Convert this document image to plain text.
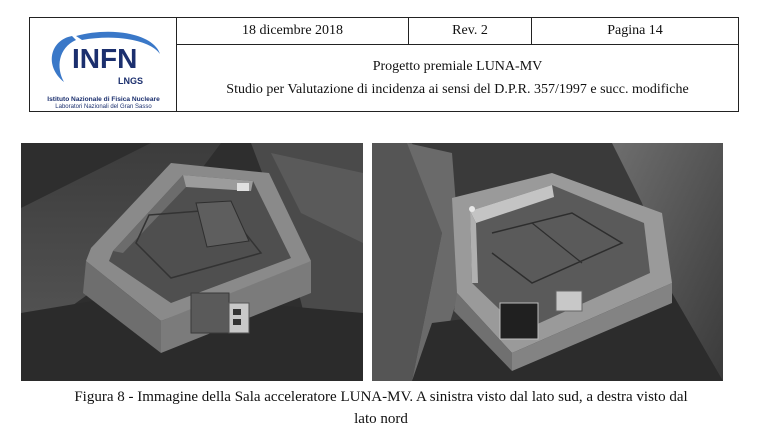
INFN
LNGS
Istituto Nazionale di Fisica Nucleare
Laboratori Nazionali del Gran Sasso
18 dicembre 2018	Rev. 2	Pagina 14
Progetto premiale LUNA-MV
Studio per Valutazione di incidenza ai sensi del D.P.R. 357/1997 e succ. modifiche
Figura 8 - Immagine della Sala acceleratore LUNA-MV. A sinistra visto dal lato sud, a destra visto dal
lato nord
